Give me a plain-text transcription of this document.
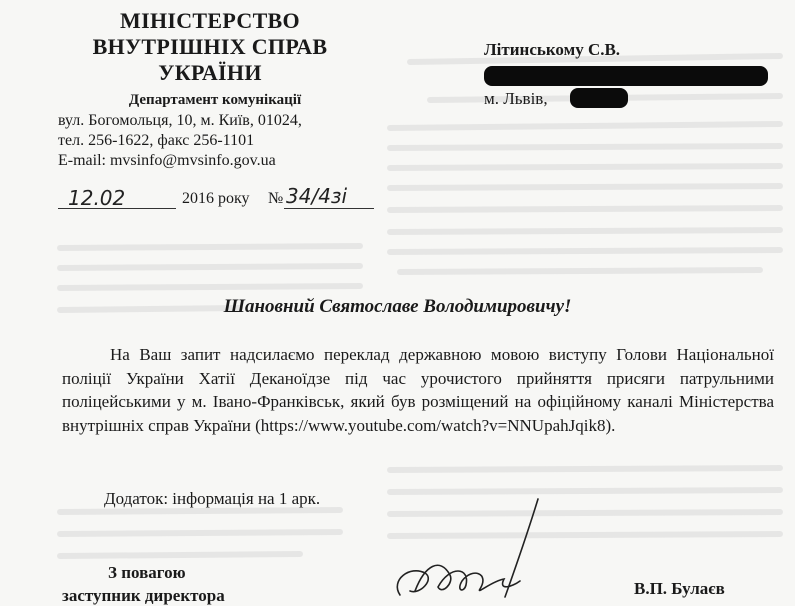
МІНІСТЕРСТВО
ВНУТРІШНІХ СПРАВ
УКРАЇНИ
Департамент комунікації
вул. Богомольця, 10, м. Київ, 01024,
тел. 256-1622, факс 256-1101
E-mail: mvsinfo@mvsinfo.gov.ua
12.02	2016 року № 34/4зі
Літинському С.В.
м. Львів,
Шановний Святославе Володимировичу!

На Ваш запит надсилаємо переклад державною мовою виступу Голови Національної поліції України Хатії Деканоїдзе під час урочистого прийняття присяги патрульними поліцейськими у м. Івано-Франківськ, який був розміщений на офіційному каналі Міністерства внутрішніх справ України (https://www.youtube.com/watch?v=NNUpahJqik8).

Додаток: інформація на 1 арк.
З повагою
заступник директора	В.П. Булаєв
